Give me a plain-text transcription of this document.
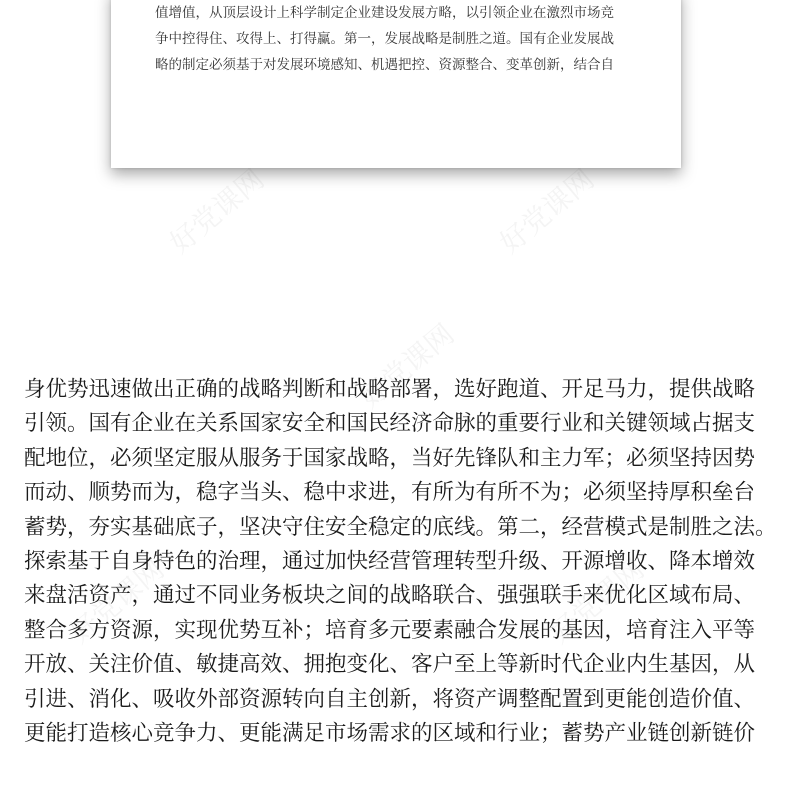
好党课网	好党课网
好党课网
好党课网	好党课网

值增值，从顶层设计上科学制定企业建设发展方略，以引领企业在激烈市场竞
争中控得住、攻得上、打得赢。第一，发展战略是制胜之道。国有企业发展战
略的制定必须基于对发展环境感知、机遇把控、资源整合、变革创新，结合自

身优势迅速做出正确的战略判断和战略部署，选好跑道、开足马力，提供战略
引领。国有企业在关系国家安全和国民经济命脉的重要行业和关键领域占据支
配地位，必须坚定服从服务于国家战略，当好先锋队和主力军；必须坚持因势
而动、顺势而为，稳字当头、稳中求进，有所为有所不为；必须坚持厚积垒台
蓄势，夯实基础底子，坚决守住安全稳定的底线。第二，经营模式是制胜之法。
探索基于自身特色的治理，通过加快经营管理转型升级、开源增收、降本增效
来盘活资产，通过不同业务板块之间的战略联合、强强联手来优化区域布局、
整合多方资源，实现优势互补；培育多元要素融合发展的基因，培育注入平等
开放、关注价值、敏捷高效、拥抱变化、客户至上等新时代企业内生基因，从
引进、消化、吸收外部资源转向自主创新，将资产调整配置到更能创造价值、
更能打造核心竞争力、更能满足市场需求的区域和行业；蓄势产业链创新链价
